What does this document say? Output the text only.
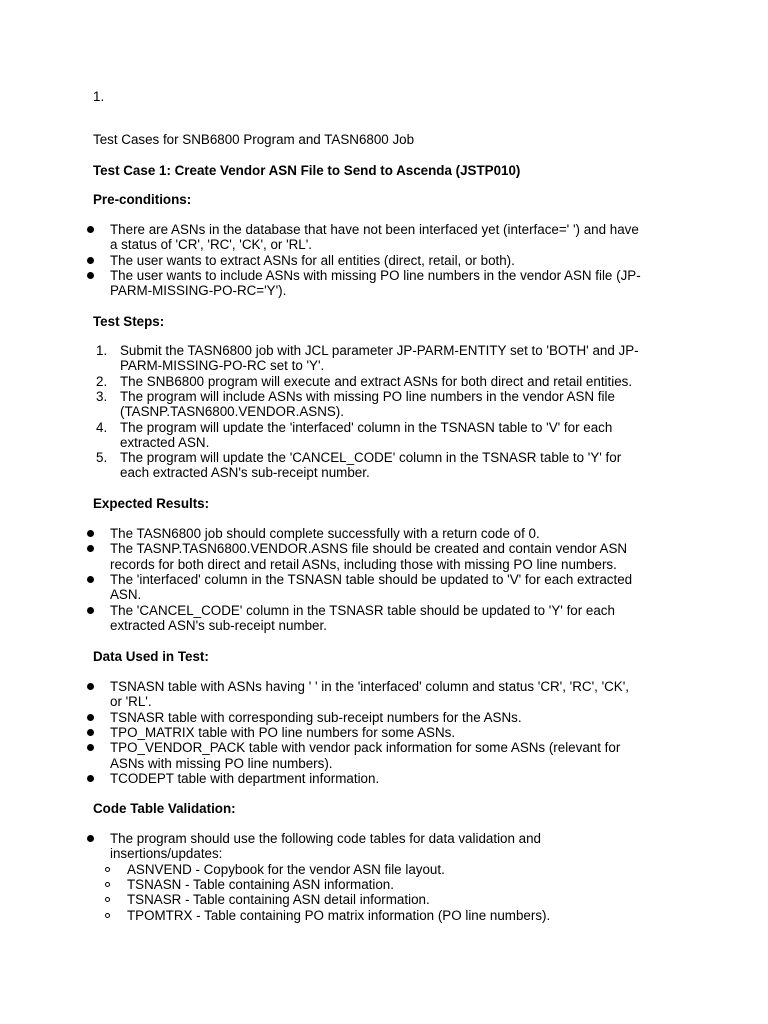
1.
Test Cases for SNB6800 Program and TASN6800 Job
Test Case 1: Create Vendor ASN File to Send to Ascenda (JSTP010)
Pre-conditions:
There are ASNs in the database that have not been interfaced yet (interface=' ') and have
a status of 'CR', 'RC', 'CK', or 'RL'.
The user wants to extract ASNs for all entities (direct, retail, or both).
The user wants to include ASNs with missing PO line numbers in the vendor ASN file (JP-
PARM-MISSING-PO-RC='Y').
Test Steps:
1. Submit the TASN6800 job with JCL parameter JP-PARM-ENTITY set to 'BOTH' and JP-
PARM-MISSING-PO-RC set to 'Y'.
2. The SNB6800 program will execute and extract ASNs for both direct and retail entities.
3. The program will include ASNs with missing PO line numbers in the vendor ASN file
(TASNP.TASN6800.VENDOR.ASNS).
4. The program will update the 'interfaced' column in the TSNASN table to 'V' for each
extracted ASN.
5. The program will update the 'CANCEL_CODE' column in the TSNASR table to 'Y' for
each extracted ASN's sub-receipt number.
Expected Results:
The TASN6800 job should complete successfully with a return code of 0.
The TASNP.TASN6800.VENDOR.ASNS file should be created and contain vendor ASN
records for both direct and retail ASNs, including those with missing PO line numbers.
The 'interfaced' column in the TSNASN table should be updated to 'V' for each extracted
ASN.
The 'CANCEL_CODE' column in the TSNASR table should be updated to 'Y' for each
extracted ASN's sub-receipt number.
Data Used in Test:
TSNASN table with ASNs having ' ' in the 'interfaced' column and status 'CR', 'RC', 'CK',
or 'RL'.
TSNASR table with corresponding sub-receipt numbers for the ASNs.
TPO_MATRIX table with PO line numbers for some ASNs.
TPO_VENDOR_PACK table with vendor pack information for some ASNs (relevant for
ASNs with missing PO line numbers).
TCODEPT table with department information.
Code Table Validation:
The program should use the following code tables for data validation and
insertions/updates:
ASNVEND - Copybook for the vendor ASN file layout.
TSNASN - Table containing ASN information.
TSNASR - Table containing ASN detail information.
TPOMTRX - Table containing PO matrix information (PO line numbers).
